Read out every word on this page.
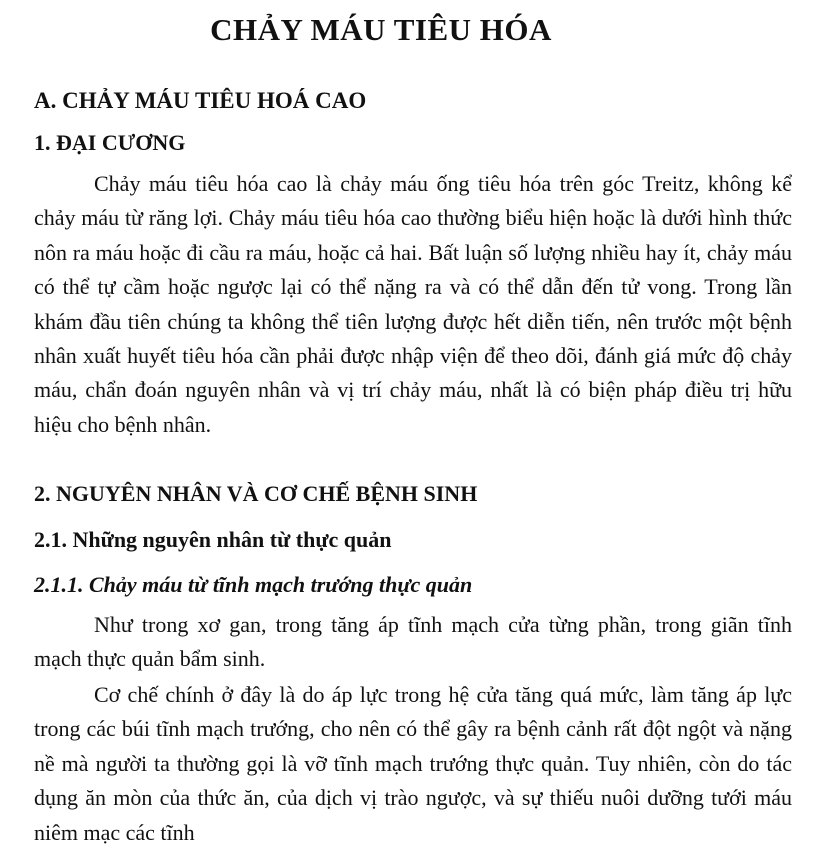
CHẢY MÁU TIÊU HÓA
A. CHẢY MÁU TIÊU HOÁ CAO
1. ĐẠI CƯƠNG

Chảy máu tiêu hóa cao là chảy máu ống tiêu hóa trên góc Treitz, không kể chảy máu từ răng lợi. Chảy máu tiêu hóa cao thường biểu hiện hoặc là dưới hình thức nôn ra máu hoặc đi cầu ra máu, hoặc cả hai. Bất luận số lượng nhiều hay ít, chảy máu có thể tự cầm hoặc ngược lại có thể nặng ra và có thể dẫn đến tử vong. Trong lần khám đầu tiên chúng ta không thể tiên lượng được hết diễn tiến, nên trước một bệnh nhân xuất huyết tiêu hóa cần phải được nhập viện để theo dõi, đánh giá mức độ chảy máu, chẩn đoán nguyên nhân và vị trí chảy máu, nhất là có biện pháp điều trị hữu hiệu cho bệnh nhân.

2. NGUYÊN NHÂN VÀ CƠ CHẾ BỆNH SINH
2.1. Những nguyên nhân từ thực quản
2.1.1. Chảy máu từ tĩnh mạch trướng thực quản

Như trong xơ gan, trong tăng áp tĩnh mạch cửa từng phần, trong giãn tĩnh mạch thực quản bẩm sinh.

Cơ chế chính ở đây là do áp lực trong hệ cửa tăng quá mức, làm tăng áp lực trong các búi tĩnh mạch trướng, cho nên có thể gây ra bệnh cảnh rất đột ngột và nặng nề mà người ta thường gọi là vỡ tĩnh mạch trướng thực quản. Tuy nhiên, còn do tác dụng ăn mòn của thức ăn, của dịch vị trào ngược, và sự thiếu nuôi dưỡng tưới máu niêm mạc các tĩnh
